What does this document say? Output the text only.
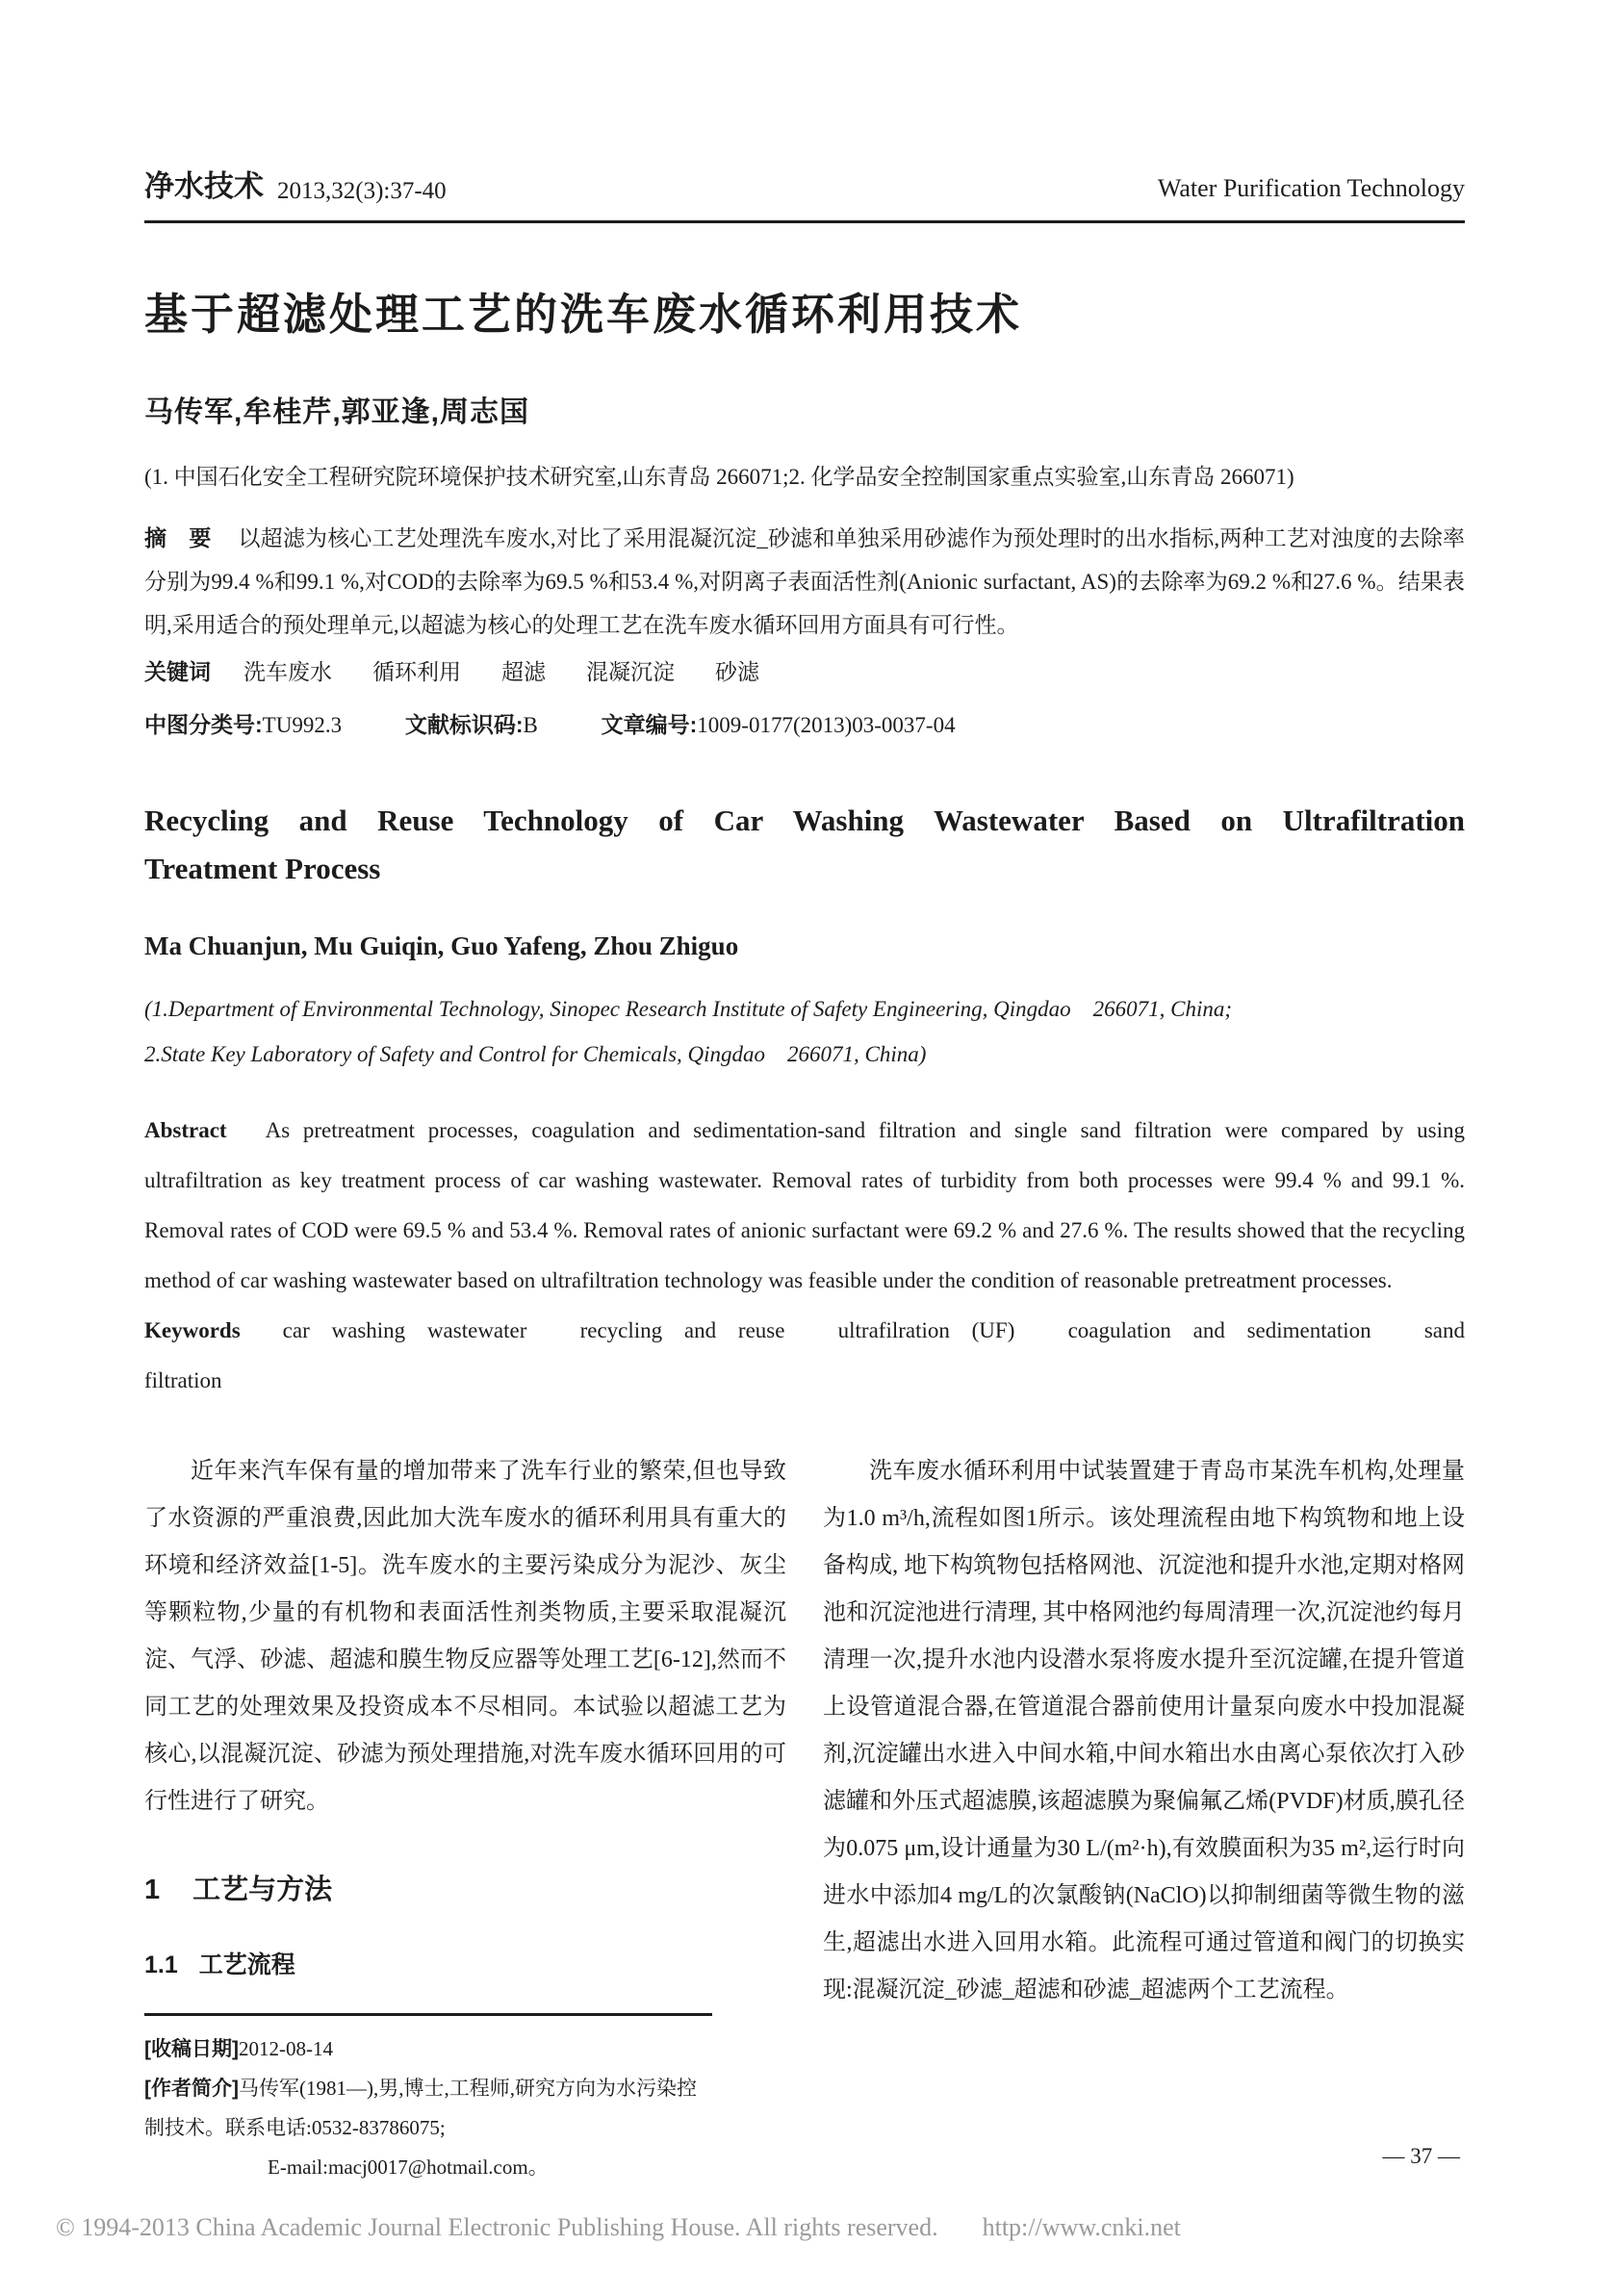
净水技术 2013,32(3):37-40	Water Purification Technology
基于超滤处理工艺的洗车废水循环利用技术
马传军,牟桂芹,郭亚逢,周志国
(1. 中国石化安全工程研究院环境保护技术研究室,山东青岛 266071;2. 化学品安全控制国家重点实验室,山东青岛 266071)
摘　要 以超滤为核心工艺处理洗车废水,对比了采用混凝沉淀_砂滤和单独采用砂滤作为预处理时的出水指标,两种工艺对浊度的去除率分别为99.4 %和99.1 %,对COD的去除率为69.5 %和53.4 %,对阴离子表面活性剂(Anionic surfactant, AS)的去除率为69.2 %和27.6 %。结果表明,采用适合的预处理单元,以超滤为核心的处理工艺在洗车废水循环回用方面具有可行性。
关键词 洗车废水 循环利用 超滤 混凝沉淀 砂滤
中图分类号:TU992.3	文献标识码:B	文章编号:1009-0177(2013)03-0037-04
Recycling and Reuse Technology of Car Washing Wastewater Based on Ultrafiltration
Treatment Process
Ma Chuanjun, Mu Guiqin, Guo Yafeng, Zhou Zhiguo
(1.Department of Environmental Technology, Sinopec Research Institute of Safety Engineering, Qingdao　266071, China;
2.State Key Laboratory of Safety and Control for Chemicals, Qingdao　266071, China)
Abstract As pretreatment processes, coagulation and sedimentation-sand filtration and single sand filtration were compared by using ultrafiltration as key treatment process of car washing wastewater. Removal rates of turbidity from both processes were 99.4 % and 99.1 %. Removal rates of COD were 69.5 % and 53.4 %. Removal rates of anionic surfactant were 69.2 % and 27.6 %. The results showed that the recycling method of car washing wastewater based on ultrafiltration technology was feasible under the condition of reasonable pretreatment processes.
Keywords car washing wastewater recycling and reuse ultrafilration (UF) coagulation and sedimentation sand filtration

近年来汽车保有量的增加带来了洗车行业的繁荣,但也导致了水资源的严重浪费,因此加大洗车废水的循环利用具有重大的环境和经济效益[1-5]。洗车废水的主要污染成分为泥沙、灰尘等颗粒物,少量的有机物和表面活性剂类物质,主要采取混凝沉淀、气浮、砂滤、超滤和膜生物反应器等处理工艺[6-12],然而不同工艺的处理效果及投资成本不尽相同。本试验以超滤工艺为核心,以混凝沉淀、砂滤为预处理措施,对洗车废水循环回用的可行性进行了研究。

1 工艺与方法
1.1 工艺流程
[收稿日期]2012-08-14
[作者简介]马传军(1981—),男,博士,工程师,研究方向为水污染控制技术。联系电话:0532-83786075;
E-mail:macj0017@hotmail.com。

洗车废水循环利用中试装置建于青岛市某洗车机构,处理量为1.0 m³/h,流程如图1所示。该处理流程由地下构筑物和地上设备构成, 地下构筑物包括格网池、沉淀池和提升水池,定期对格网池和沉淀池进行清理, 其中格网池约每周清理一次,沉淀池约每月清理一次,提升水池内设潜水泵将废水提升至沉淀罐,在提升管道上设管道混合器,在管道混合器前使用计量泵向废水中投加混凝剂,沉淀罐出水进入中间水箱,中间水箱出水由离心泵依次打入砂滤罐和外压式超滤膜,该超滤膜为聚偏氟乙烯(PVDF)材质,膜孔径为0.075 μm,设计通量为30 L/(m²·h),有效膜面积为35 m²,运行时向进水中添加4 mg/L的次氯酸钠(NaClO)以抑制细菌等微生物的滋生,超滤出水进入回用水箱。此流程可通过管道和阀门的切换实现:混凝沉淀_砂滤_超滤和砂滤_超滤两个工艺流程。

— 37 —
© 1994-2013 China Academic Journal Electronic Publishing House. All rights reserved. http://www.cnki.net
